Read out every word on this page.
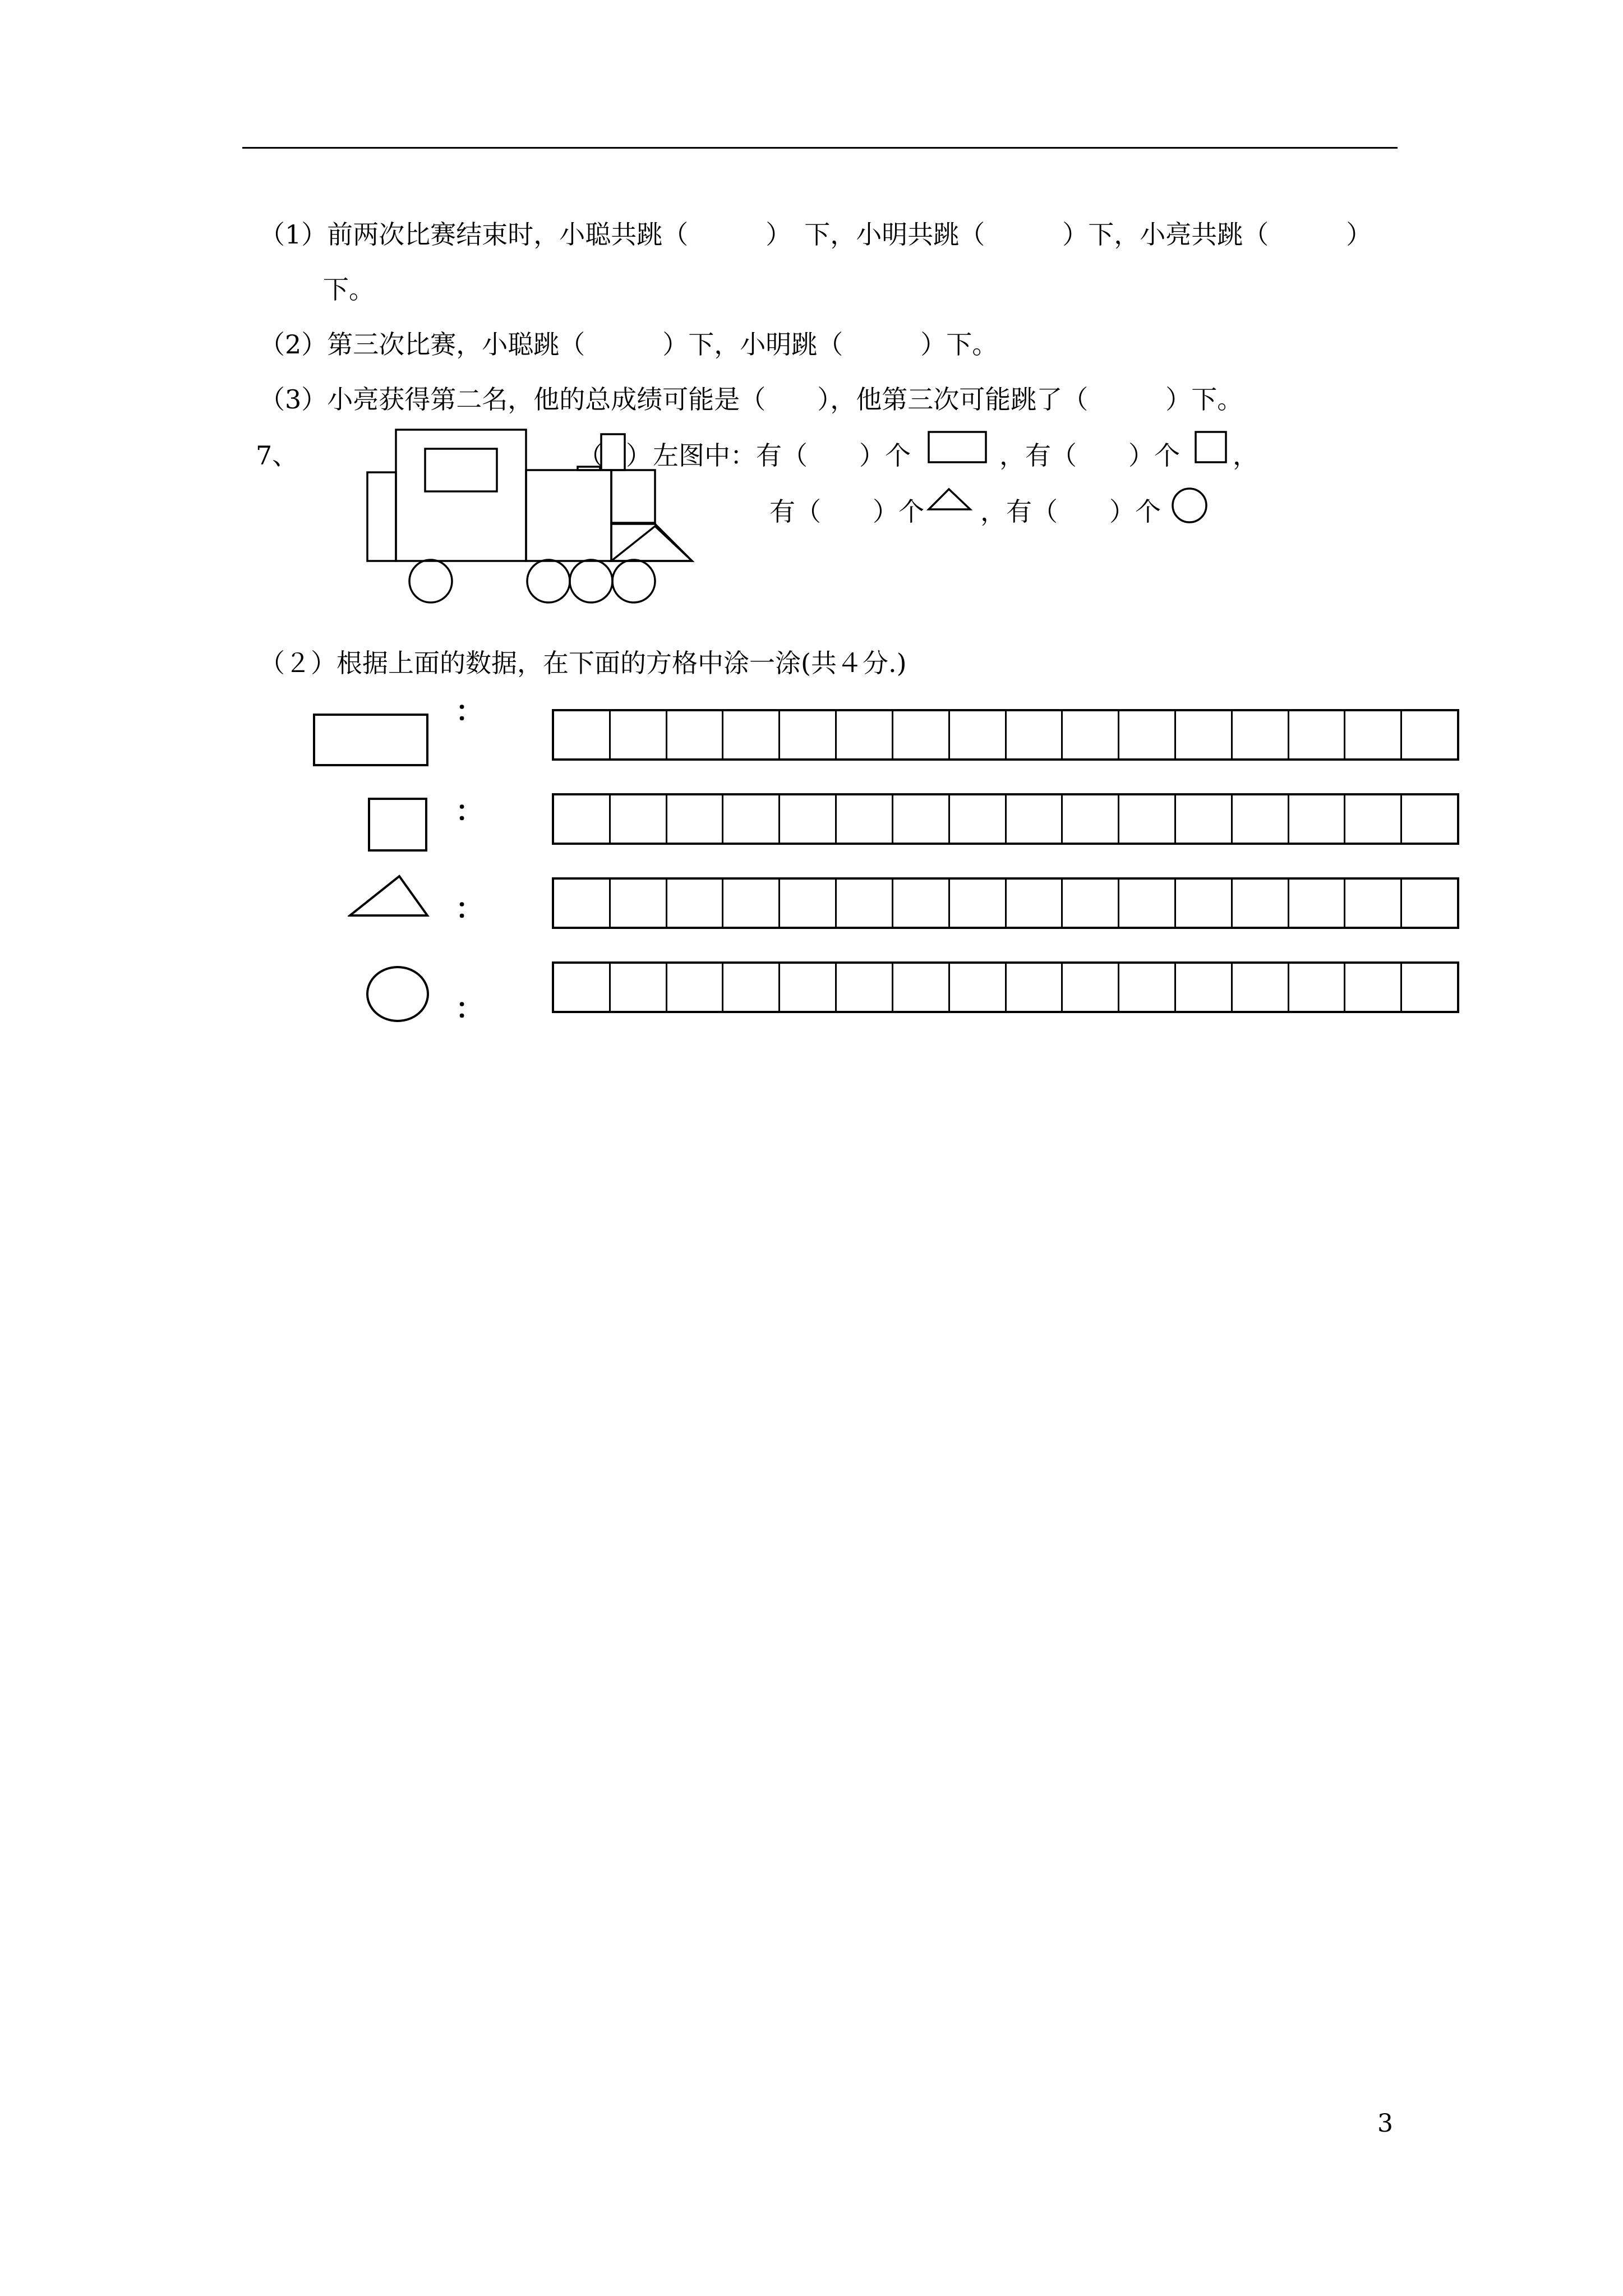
（1）前两次比赛结束时，小聪共跳（　　　）　下，小明共跳（　　　）下，小亮共跳（　　　）
下。
（2）第三次比赛，小聪跳（　　　）下，小明跳（　　　）下。
（3）小亮获得第二名，他的总成绩可能是（　　），他第三次可能跳了（　　　）下。
7、	（ ） 左图中：有（　　）个	，有（　　）个 ，
有（　　）个 ，有（　　）个
（２）根据上面的数据，在下面的方格中涂一涂(共４分.)
：
：
：
：
3
